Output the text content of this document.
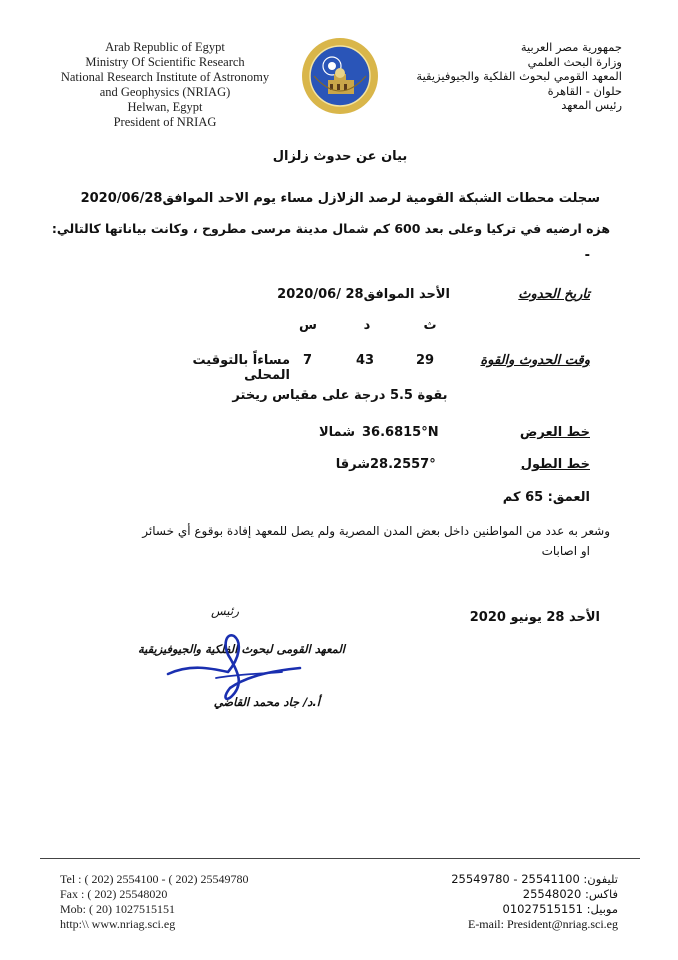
Arab Republic of Egypt
Ministry Of Scientific Research
National Research Institute of Astronomy
and Geophysics (NRIAG)
Helwan, Egypt
President of NRIAG
جمهورية مصر العربية
وزارة البحث العلمي
المعهد القومي لبحوث الفلكية والجيوفيزيقية
حلوان - القاهرة
رئيس المعهد
بيان عن حدوث زلزال
سجلت محطات الشبكة القومية لرصد الزلازل مساء يوم الاحد الموافق2020/06/28
هزه ارضيه في تركيا وعلى بعد 600 كم شمال مدينة مرسى مطروح ، وكانت بياناتها كالتالي:
-
تاريخ الحدوث
الأحد الموافق28 /2020/06
ث
د
س
وقت الحدوث والقوة
29
43
7
مساءاً بالتوقيت المحلى
بقوة 5.5 درجة على مقياس ريختر
خط العرض
36.6815°N
شمالا
خط الطول
28.2557°
شرقا
العمق: 65 كم
وشعر به عدد من المواطنين داخل بعض المدن المصرية ولم يصل للمعهد إفادة بوقوع أي خسائر
او اصابات
الأحد 28 يونيو 2020
رئيس
المعهد القومى لبحوث الفلكية والجيوفيزيقية
أ.د/ جاد محمد القاضي
Tel : ( 202) 2554100 - ( 202) 25549780
Fax : ( 202) 25548020
Mob: ( 20) 1027515151
http:\\ www.nriag.sci.eg
تليفون: 25541100 - 25549780
فاكس: 25548020
موبيل: 01027515151
E-mail: President@nriag.sci.eg
